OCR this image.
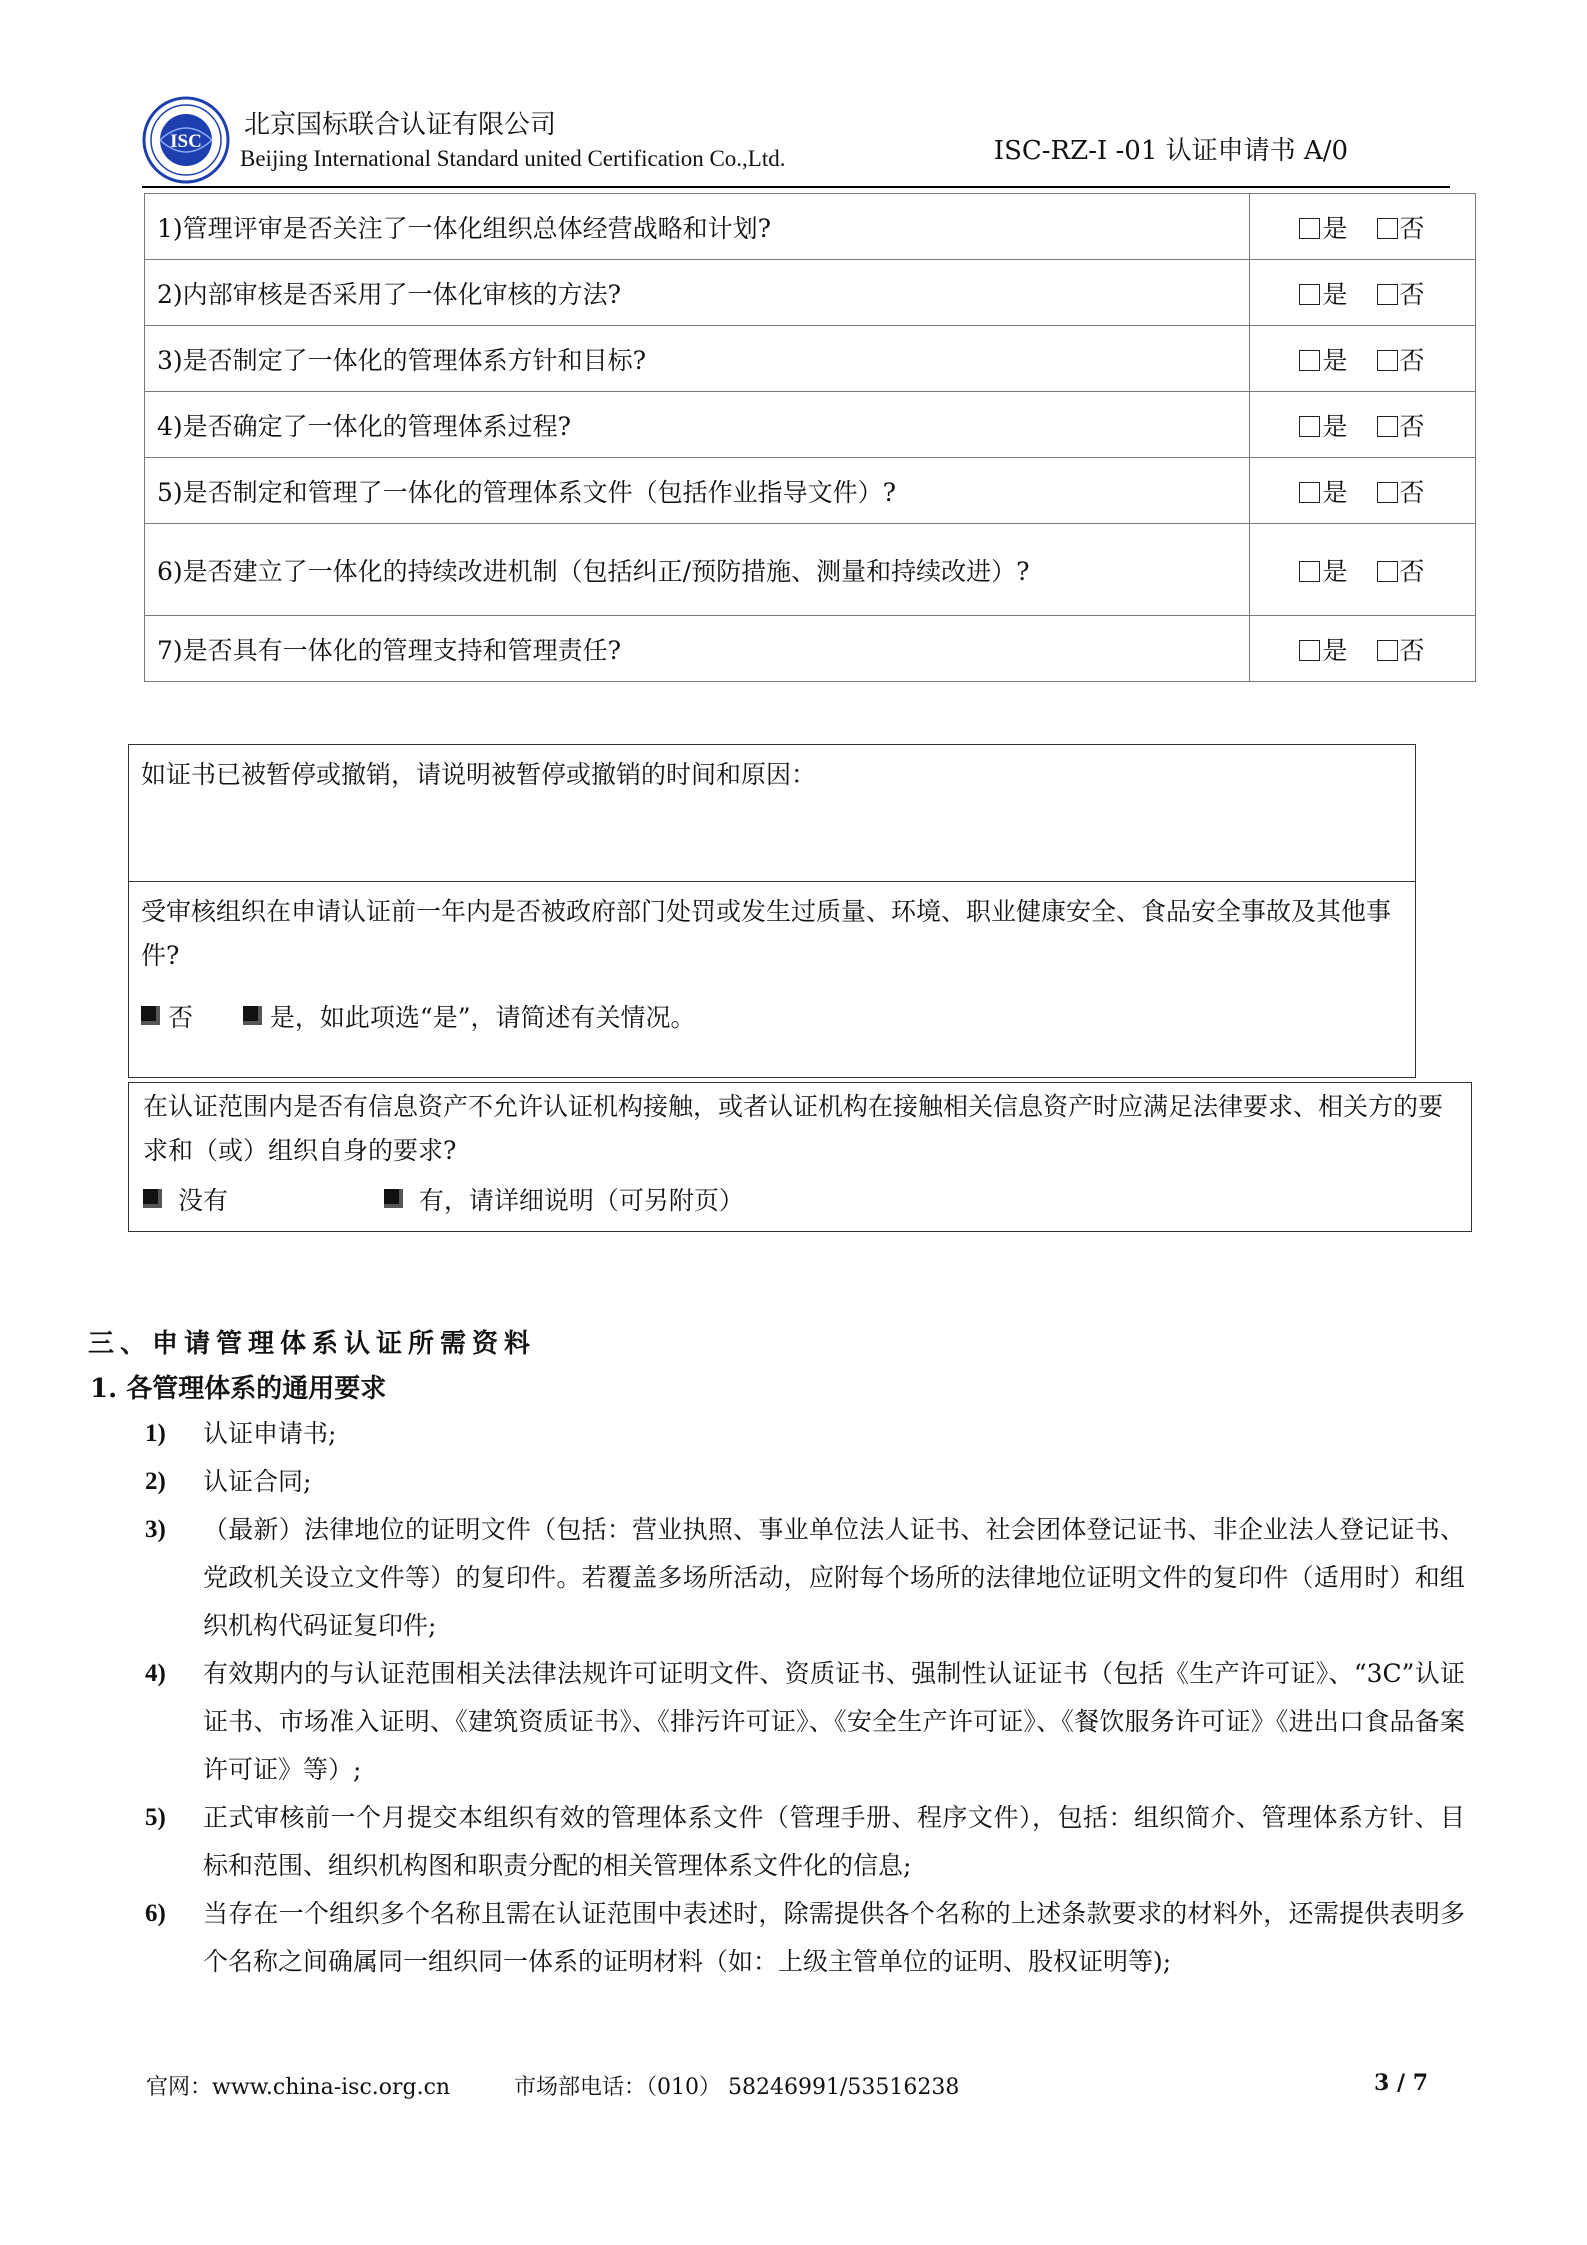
ISC
北京国标联合认证有限公司
Beijing International Standard united Certification Co.,Ltd.	ISC-RZ-I -01 认证申请书 A/0
1)管理评审是否关注了一体化组织总体经营战略和计划?	是 否
2)内部审核是否采用了一体化审核的方法?	是 否
3)是否制定了一体化的管理体系方针和目标?	是 否
4)是否确定了一体化的管理体系过程?	是 否
5)是否制定和管理了一体化的管理体系文件（包括作业指导文件）?	是 否
6)是否建立了一体化的持续改进机制（包括纠正/预防措施、测量和持续改进）?	是 否
7)是否具有一体化的管理支持和管理责任?	是 否

如证书已被暂停或撤销，请说明被暂停或撤销的时间和原因：

受审核组织在申请认证前一年内是否被政府部门处罚或发生过质量、环境、职业健康安全、食品安全事故及其他事件?

否	是，如此项选“是”，请简述有关情况。

在认证范围内是否有信息资产不允许认证机构接触，或者认证机构在接触相关信息资产时应满足法律要求、相关方的要求和（或）组织自身的要求?

没有	有，请详细说明（可另附页）

三、申请管理体系认证所需资料
1. 各管理体系的通用要求
1) 认证申请书;
2) 认证合同;
3) （最新）法律地位的证明文件（包括：营业执照、事业单位法人证书、社会团体登记证书、非企业法人登记证书、党政机关设立文件等）的复印件。若覆盖多场所活动，应附每个场所的法律地位证明文件的复印件（适用时）和组织机构代码证复印件;
4) 有效期内的与认证范围相关法律法规许可证明文件、资质证书、强制性认证证书（包括《生产许可证》、“3C”认证证书、市场准入证明、《建筑资质证书》、《排污许可证》、《安全生产许可证》、《餐饮服务许可证》《进出口食品备案许可证》等）;
5) 正式审核前一个月提交本组织有效的管理体系文件（管理手册、程序文件），包括：组织简介、管理体系方针、目标和范围、组织机构图和职责分配的相关管理体系文件化的信息;
6) 当存在一个组织多个名称且需在认证范围中表述时，除需提供各个名称的上述条款要求的材料外，还需提供表明多个名称之间确属同一组织同一体系的证明材料（如：上级主管单位的证明、股权证明等);
官网：www.china-isc.org.cn	市场部电话：（010） 58246991/53516238	3 / 7
